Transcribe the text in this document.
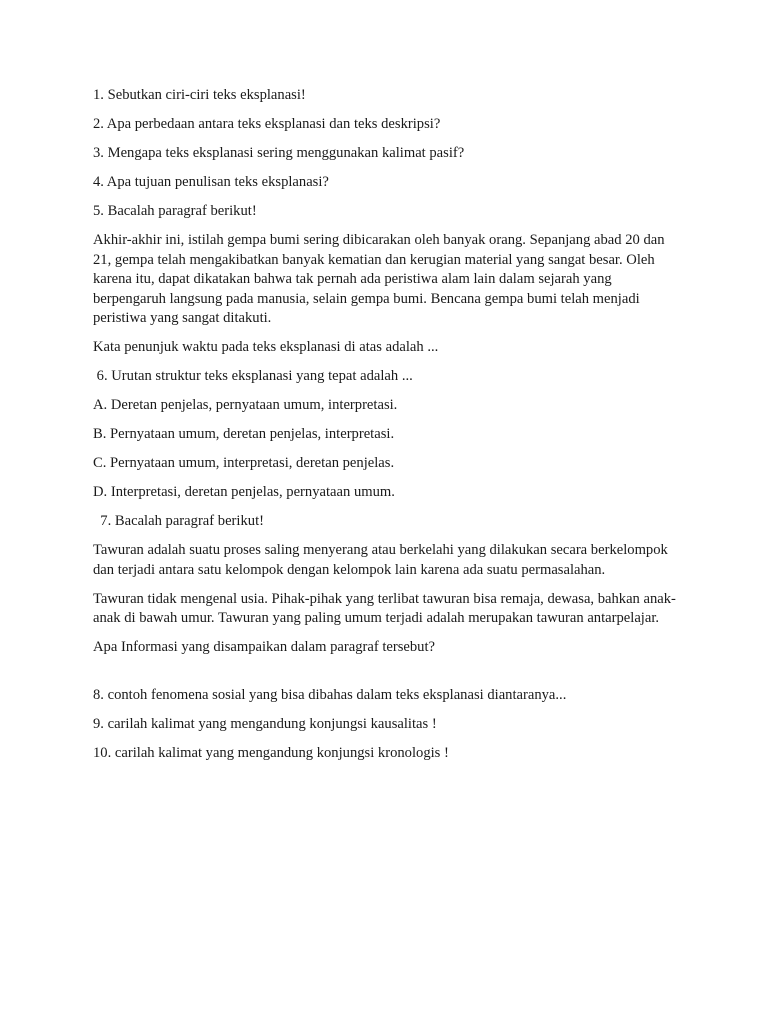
1. Sebutkan ciri-ciri teks eksplanasi!

2. Apa perbedaan antara teks eksplanasi dan teks deskripsi?

3. Mengapa teks eksplanasi sering menggunakan kalimat pasif?

4. Apa tujuan penulisan teks eksplanasi?

5. Bacalah paragraf berikut!

Akhir-akhir ini, istilah gempa bumi sering dibicarakan oleh banyak orang. Sepanjang abad 20 dan 21, gempa telah mengakibatkan banyak kematian dan kerugian material yang sangat besar. Oleh karena itu, dapat dikatakan bahwa tak pernah ada peristiwa alam lain dalam sejarah yang berpengaruh langsung pada manusia, selain gempa bumi. Bencana gempa bumi telah menjadi peristiwa yang sangat ditakuti.

Kata penunjuk waktu pada teks eksplanasi di atas adalah ...

6. Urutan struktur teks eksplanasi yang tepat adalah ...

A. Deretan penjelas, pernyataan umum, interpretasi.

B. Pernyataan umum, deretan penjelas, interpretasi.

C. Pernyataan umum, interpretasi, deretan penjelas.

D. Interpretasi, deretan penjelas, pernyataan umum.

7. Bacalah paragraf berikut!

Tawuran adalah suatu proses saling menyerang atau berkelahi yang dilakukan secara berkelompok dan terjadi antara satu kelompok dengan kelompok lain karena ada suatu permasalahan.

Tawuran tidak mengenal usia. Pihak-pihak yang terlibat tawuran bisa remaja, dewasa, bahkan anak-anak di bawah umur. Tawuran yang paling umum terjadi adalah merupakan tawuran antarpelajar.

Apa Informasi yang disampaikan dalam paragraf tersebut?

8. contoh fenomena sosial yang bisa dibahas dalam teks eksplanasi diantaranya...

9. carilah kalimat yang mengandung konjungsi kausalitas !

10. carilah kalimat yang mengandung konjungsi kronologis !
